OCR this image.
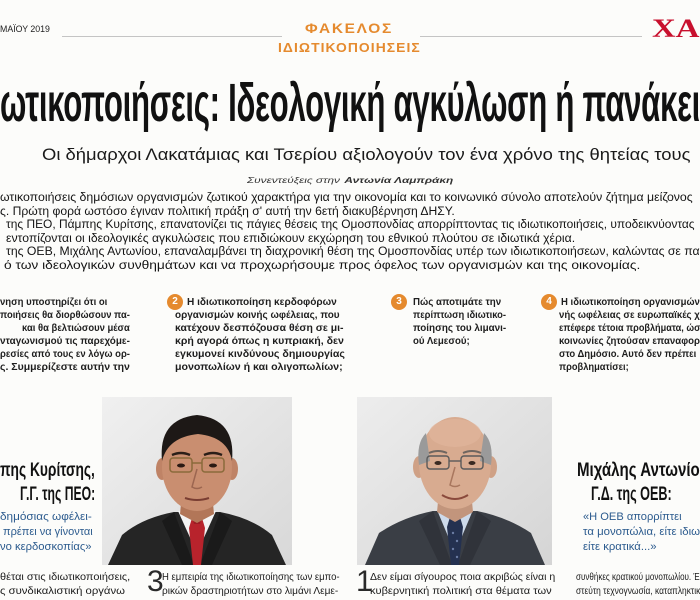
ΜΑΪΟΥ 2019	ΦΑΚΕΛΟΣ
ΙΔΙΩΤΙΚΟΠΟΙΗΣΕΙΣ
ΧΑ
ωτικοποιήσεις: Ιδεολογική αγκύλωση ή πανάκει
Οι δήμαρχοι Λακατάμιας και Τσερίου αξιολογούν τον ένα χρόνο της θητείας τους
Συνεντεύξεις στην Αντωνία Λαμπράκη
ωτικοποιήσεις δημόσιων οργανισμών ζωτικού χαρακτήρα για την οικονομία και το κοινωνικό σύνολο αποτελούν ζήτημα μείζονος
ς. Πρώτη φορά ωστόσο έγιναν πολιτική πράξη σ' αυτή την 6ετή διακυβέρνηση ΔΗΣΥ.
της ΠΕΟ, Πάμπης Κυρίτσης, επανατονίζει τις πάγιες θέσεις της Ομοσπονδίας απορρίπτοντας τις ιδιωτικοποιήσεις, υποδεικνύοντας
εντοπίζονται οι ιδεολογικές αγκυλώσεις που επιδιώκουν εκχώρηση του εθνικού πλούτου σε ιδιωτικά χέρια.
της ΟΕΒ, Μιχάλης Αντωνίου, επαναλαμβάνει τη διαχρονική θέση της Ομοσπονδίας υπέρ των ιδιωτικοποιήσεων, καλώντας σε πα
ό των ιδεολογικών συνθημάτων και να προχωρήσουμε προς όφελος των οργανισμών και της οικονομίας.
νηση υποστηρίζει ότι οι
ποιήσεις θα διορθώσουν πα-
και θα βελτιώσουν μέσα
νταγωνισμού τις παρεχόμε-
ρεσίες από τους εν λόγω ορ-
ς. Συμμερίζεστε αυτήν την
2 Η ιδιωτικοποίηση κερδοφόρων
οργανισμών κοινής ωφέλειας, που
κατέχουν δεσπόζουσα θέση σε μι-
κρή αγορά όπως η κυπριακή, δεν
εγκυμονεί κινδύνους δημιουργίας
μονοπωλίων ή και ολιγοπωλίων;
3	Πώς αποτιμάτε την
περίπτωση ιδιωτικο-
ποίησης του λιμανι-
ού Λεμεσού;
4 Η ιδιωτικοποίηση οργανισμών
νής ωφέλειας σε ευρωπαϊκές χ
επέφερε τέτοια προβλήματα, ώσ
κοινωνίες ζητούσαν επαναφορ
στο Δημόσιο. Αυτό δεν πρέπει
προβληματίσει;
πης Κυρίτσης,
Γ.Γ. της ΠΕΟ:
δημόσιας ωφέλει-
πρέπει να γίνονται
νο κερδοσκοπίας»
Μιχάλης Αντωνίο
Γ.Δ. της ΟΕΒ:
«Η ΟΕΒ απορρίπτει
τα μονοπώλια, είτε ιδιω
είτε κρατικά...»
θέται στις ιδιωτικοποιήσεις,
ς συνδικαλιστική οργάνω 3
Η εμπειρία της ιδιωτικοποίησης των εμπο-
ρικών δραστηριοτήτων στο λιμάνι Λεμε- 1
Δεν είμαι σίγουρος ποια ακριβώς είναι η
κυβερνητική πολιτική στα θέματα των
συνθήκες κρατικού μονοπωλίου. Έ
στεύτη τεχνογνωσία, καταπληκτικ
